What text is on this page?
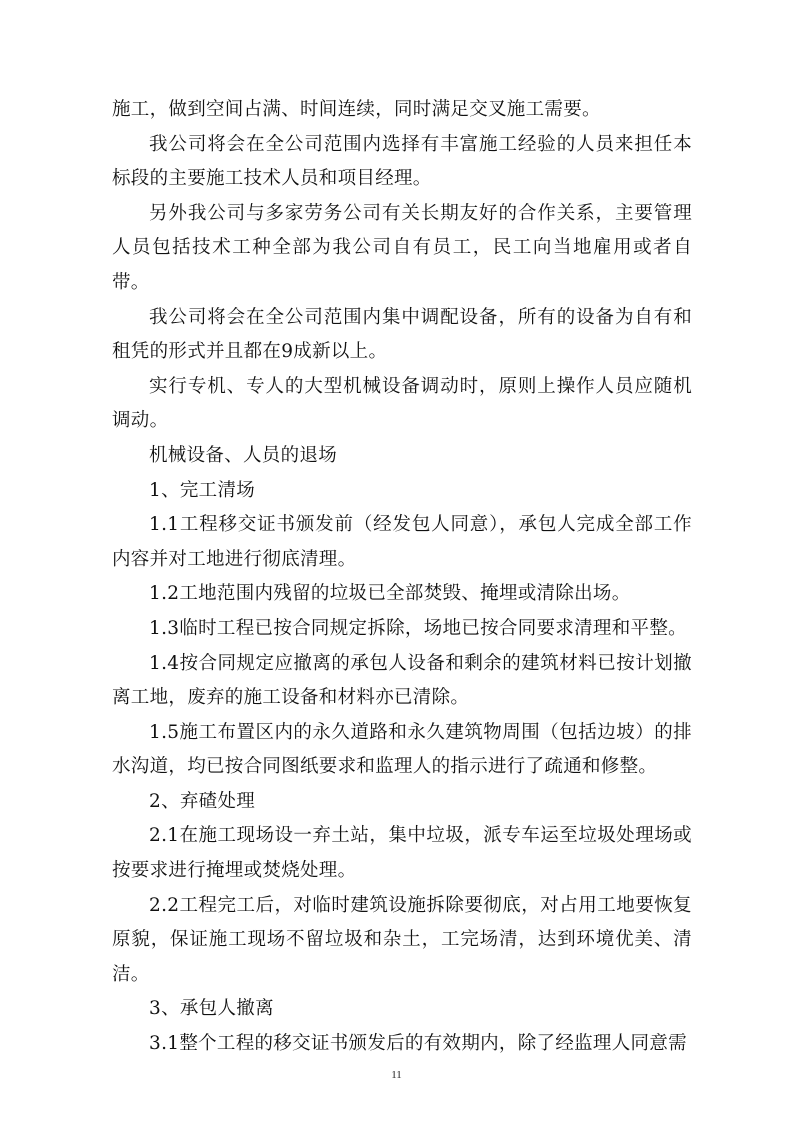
施工，做到空间占满、时间连续，同时满足交叉施工需要。

我公司将会在全公司范围内选择有丰富施工经验的人员来担任本标段的主要施工技术人员和项目经理。

另外我公司与多家劳务公司有关长期友好的合作关系，主要管理人员包括技术工种全部为我公司自有员工，民工向当地雇用或者自带。

我公司将会在全公司范围内集中调配设备，所有的设备为自有和租凭的形式并且都在9成新以上。

实行专机、专人的大型机械设备调动时，原则上操作人员应随机调动。

机械设备、人员的退场

1、完工清场

1.1工程移交证书颁发前（经发包人同意），承包人完成全部工作内容并对工地进行彻底清理。

1.2工地范围内残留的垃圾已全部焚毁、掩埋或清除出场。

1.3临时工程已按合同规定拆除，场地已按合同要求清理和平整。

1.4按合同规定应撤离的承包人设备和剩余的建筑材料已按计划撤离工地，废弃的施工设备和材料亦已清除。

1.5施工布置区内的永久道路和永久建筑物周围（包括边坡）的排水沟道，均已按合同图纸要求和监理人的指示进行了疏通和修整。

2、弃碴处理

2.1在施工现场设一弃土站，集中垃圾，派专车运至垃圾处理场或按要求进行掩埋或焚烧处理。

2.2工程完工后，对临时建筑设施拆除要彻底，对占用工地要恢复原貌，保证施工现场不留垃圾和杂土，工完场清，达到环境优美、清洁。

3、承包人撤离

3.1整个工程的移交证书颁发后的有效期内，除了经监理人同意需

11
